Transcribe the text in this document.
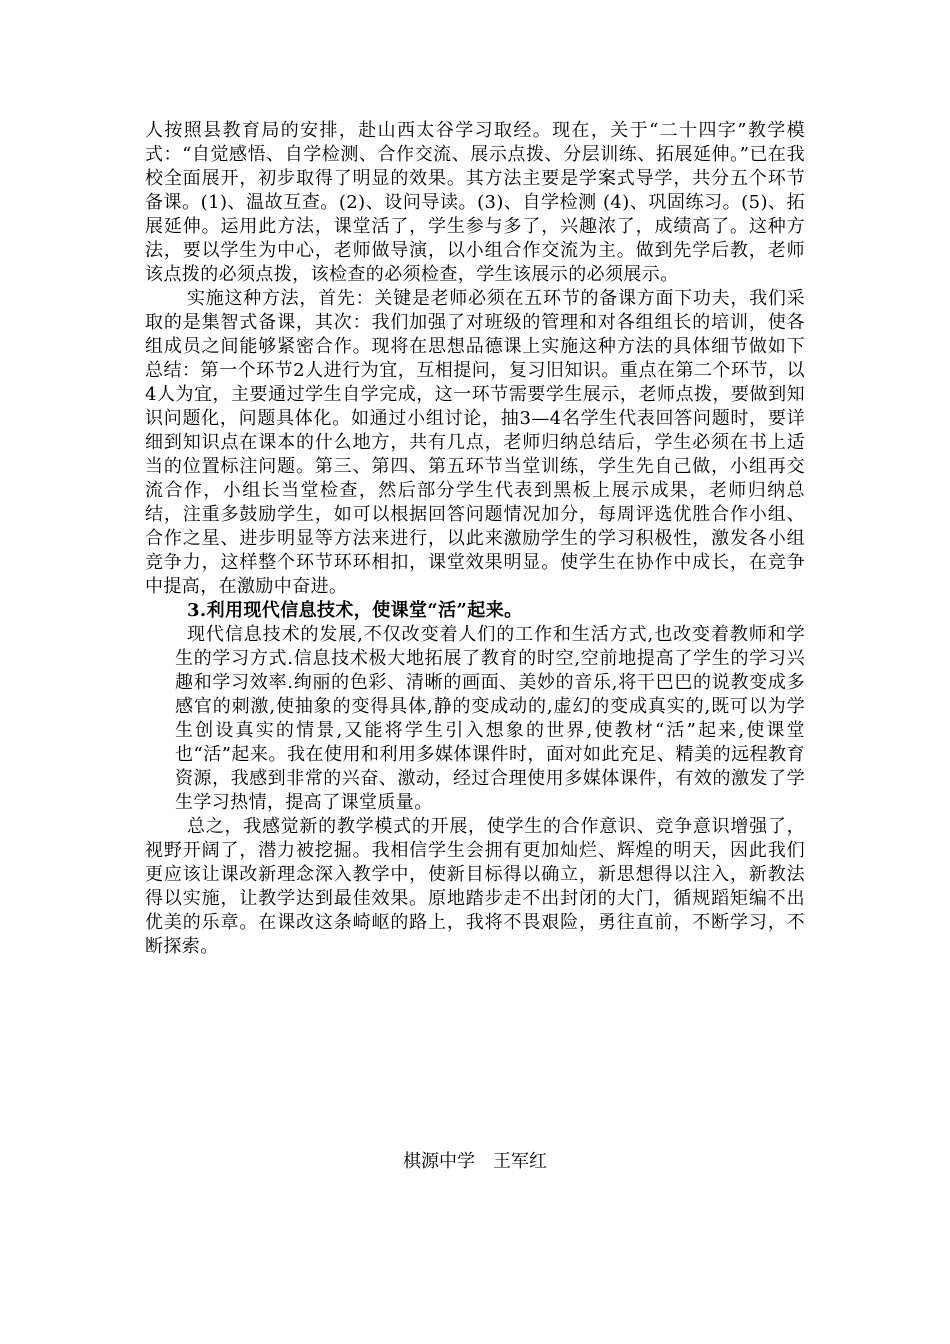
人按照县教育局的安排，赴山西太谷学习取经。现在，关于“二十四字”教学模式：“自觉感悟、自学检测、合作交流、展示点拨、分层训练、拓展延伸。”已在我校全面展开，初步取得了明显的效果。其方法主要是学案式导学，共分五个环节备课。(1)、温故互查。(2)、设问导读。(3)、自学检测 (4)、巩固练习。(5)、拓展延伸。运用此方法，课堂活了，学生参与多了，兴趣浓了，成绩高了。这种方法，要以学生为中心，老师做导演，以小组合作交流为主。做到先学后教，老师该点拨的必须点拨，该检查的必须检查，学生该展示的必须展示。

实施这种方法，首先：关键是老师必须在五环节的备课方面下功夫，我们采取的是集智式备课，其次：我们加强了对班级的管理和对各组组长的培训，使各组成员之间能够紧密合作。现将在思想品德课上实施这种方法的具体细节做如下总结：第一个环节2人进行为宜，互相提问，复习旧知识。重点在第二个环节，以4人为宜，主要通过学生自学完成，这一环节需要学生展示，老师点拨，要做到知识问题化，问题具体化。如通过小组讨论，抽3—4名学生代表回答问题时，要详细到知识点在课本的什么地方，共有几点，老师归纳总结后，学生必须在书上适当的位置标注问题。第三、第四、第五环节当堂训练，学生先自己做，小组再交流合作，小组长当堂检查，然后部分学生代表到黑板上展示成果，老师归纳总结，注重多鼓励学生，如可以根据回答问题情况加分，每周评选优胜合作小组、合作之星、进步明显等方法来进行，以此来激励学生的学习积极性，激发各小组竞争力，这样整个环节环环相扣，课堂效果明显。使学生在协作中成长，在竞争中提高，在激励中奋进。

3.利用现代信息技术，使课堂“活”起来。

现代信息技术的发展,不仅改变着人们的工作和生活方式,也改变着教师和学生的学习方式.信息技术极大地拓展了教育的时空,空前地提高了学生的学习兴趣和学习效率.绚丽的色彩、清晰的画面、美妙的音乐,将干巴巴的说教变成多感官的刺激,使抽象的变得具体,静的变成动的,虚幻的变成真实的,既可以为学生创设真实的情景,又能将学生引入想象的世界,使教材“活”起来,使课堂也“活”起来。我在使用和利用多媒体课件时，面对如此充足、精美的远程教育资源，我感到非常的兴奋、激动，经过合理使用多媒体课件，有效的激发了学生学习热情，提高了课堂质量。

总之，我感觉新的教学模式的开展，使学生的合作意识、竞争意识增强了，视野开阔了，潜力被挖掘。我相信学生会拥有更加灿烂、辉煌的明天，因此我们更应该让课改新理念深入教学中，使新目标得以确立，新思想得以注入，新教法得以实施，让教学达到最佳效果。原地踏步走不出封闭的大门，循规蹈矩编不出优美的乐章。在课改这条崎岖的路上，我将不畏艰险，勇往直前，不断学习，不断探索。

棋源中学　王军红
